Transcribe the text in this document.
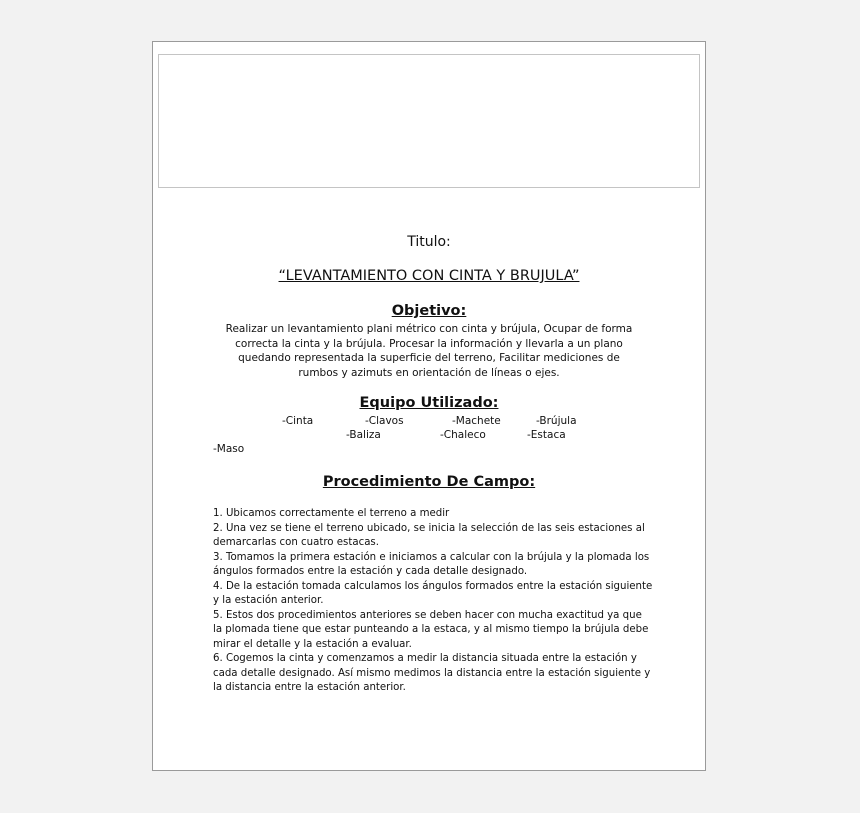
Titulo:
“LEVANTAMIENTO CON CINTA Y BRUJULA”
Objetivo:
Realizar un levantamiento plani métrico con cinta y brújula, Ocupar de forma correcta la cinta y la brújula. Procesar la información y llevarla a un plano quedando representada la superficie del terreno, Facilitar mediciones de rumbos y azimuts en orientación de líneas o ejes.
Equipo Utilizado:
-Cinta	-Clavos	-Machete	-Brújula
-Baliza	-Chaleco	-Estaca
-Maso
Procedimiento De Campo:
1. Ubicamos correctamente el terreno a medir
2. Una vez se tiene el terreno ubicado, se inicia la selección de las seis estaciones al            demarcarlas con cuatro estacas.
3. Tomamos la primera estación e iniciamos a calcular con la brújula y la plomada los ángulos formados entre la estación y cada detalle designado.
4. De la estación tomada calculamos los ángulos formados entre la estación siguiente y la estación anterior.
5. Estos dos procedimientos anteriores se deben hacer con mucha exactitud ya que la plomada tiene que estar punteando a la estaca, y al mismo tiempo la brújula debe mirar el detalle y la estación a evaluar.
6. Cogemos la cinta y comenzamos a medir la distancia situada entre la estación y cada detalle designado. Así mismo medimos la distancia entre la estación siguiente y la distancia entre la estación anterior.
